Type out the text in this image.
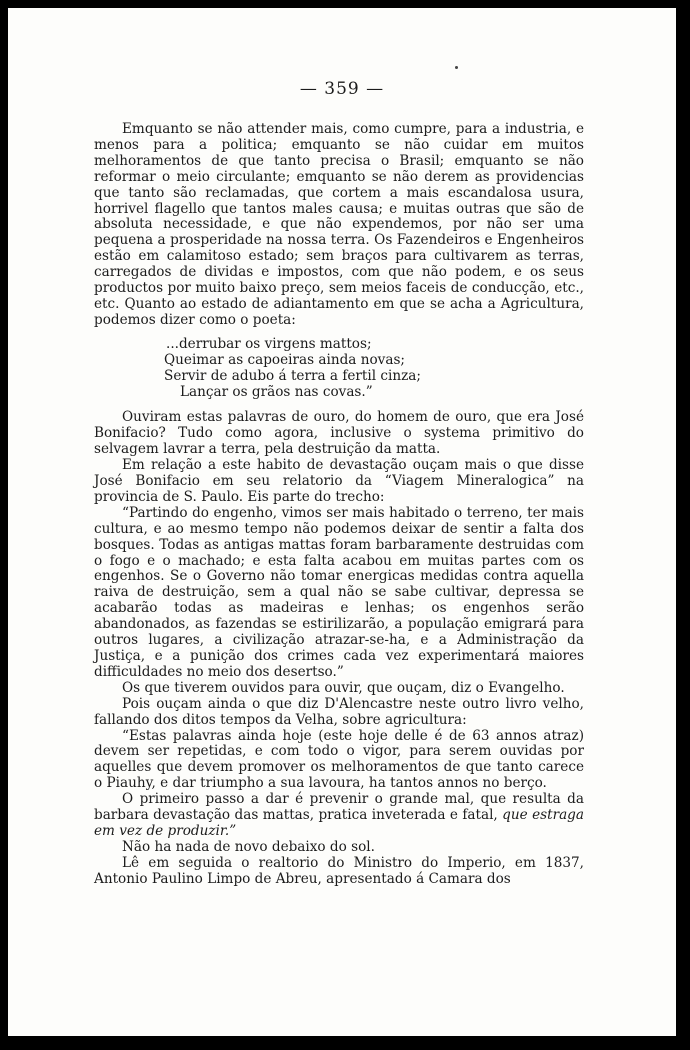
— 359 —

Emquanto se não attender mais, como cumpre, para a industria, e menos para a politica; emquanto se não cuidar em muitos melhoramentos de que tanto precisa o Brasil; emquanto se não reformar o meio circulante; emquanto se não derem as providencias que tanto são reclamadas, que cortem a mais escandalosa usura, horrivel flagello que tantos males causa; e muitas outras que são de absoluta necessidade, e que não expendemos, por não ser uma pequena a prosperidade na nossa terra. Os Fazendeiros e Engenheiros estão em calamitoso estado; sem braços para cultivarem as terras, carregados de dividas e impostos, com que não podem, e os seus productos por muito baixo preço, sem meios faceis de conducção, etc., etc. Quanto ao estado de adiantamento em que se acha a Agricultura, podemos dizer como o poeta:

...derrubar os virgens mattos;
Queimar as capoeiras ainda novas;
Servir de adubo á terra a fertil cinza;
Lançar os grãos nas covas.”

Ouviram estas palavras de ouro, do homem de ouro, que era José Bonifacio? Tudo como agora, inclusive o systema primitivo do selvagem lavrar a terra, pela destruição da matta.

Em relação a este habito de devastação ouçam mais o que disse José Bonifacio em seu relatorio da “Viagem Mineralogica” na provincia de S. Paulo. Eis parte do trecho:

“Partindo do engenho, vimos ser mais habitado o terreno, ter mais cultura, e ao mesmo tempo não podemos deixar de sentir a falta dos bosques. Todas as antigas mattas foram barbaramente destruidas com o fogo e o machado; e esta falta acabou em muitas partes com os engenhos. Se o Governo não tomar energicas medidas contra aquella raiva de destruição, sem a qual não se sabe cultivar, depressa se acabarão todas as madeiras e lenhas; os engenhos serão abandonados, as fazendas se estirilizarão, a população emigrará para outros lugares, a civilização atrazar-se-ha, e a Administração da Justiça, e a punição dos crimes cada vez experimentará maiores difficuldades no meio dos desertso.”

Os que tiverem ouvidos para ouvir, que ouçam, diz o Evangelho.

Pois ouçam ainda o que diz D'Alencastre neste outro livro velho, fallando dos ditos tempos da Velha, sobre agricultura:

“Estas palavras ainda hoje (este hoje delle é de 63 annos atraz) devem ser repetidas, e com todo o vigor, para serem ouvidas por aquelles que devem promover os melhoramentos de que tanto carece o Piauhy, e dar triumpho a sua lavoura, ha tantos annos no berço.

O primeiro passo a dar é prevenir o grande mal, que resulta da barbara devastação das mattas, pratica inveterada e fatal, que estraga em vez de produzir.”

Não ha nada de novo debaixo do sol.

Lê em seguida o realtorio do Ministro do Imperio, em 1837, Antonio Paulino Limpo de Abreu, apresentado á Camara dos
